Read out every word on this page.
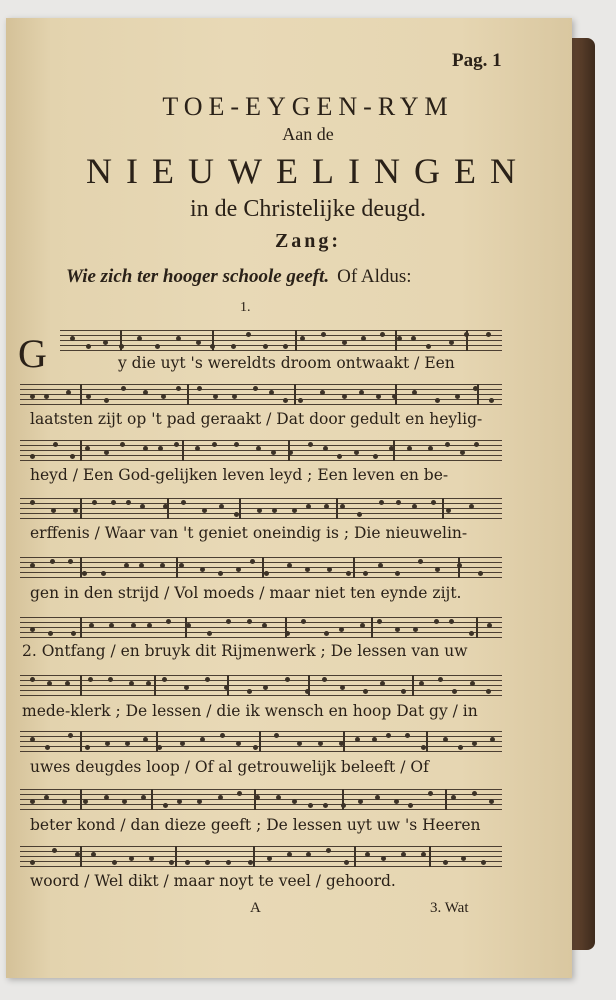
Pag. 1
TOE-EYGEN-RYM
Aan de
NIEUWELINGEN
in de Christelijke deugd.
Zang:
Wie zich ter hooger schoole geeft. Of Aldus:
1.
G	y die uyt 's wereldts droom ontwaakt / Een
laatsten zijt op 't pad geraakt / Dat door gedult en heylig-
heyd / Een God-gelijken leven leyd ; Een leven en be-
erffenis / Waar van 't geniet oneindig is ; Die nieuwelin-
gen in den strijd / Vol moeds / maar niet ten eynde zijt.
2. Ontfang / en bruyk dit Rijmenwerk ; De lessen van uw
mede-klerk ; De lessen / die ik wensch en hoop Dat gy / in
uwes deugdes loop / Of al getrouwelijk beleeft / Of
beter kond / dan dieze geeft ; De lessen uyt uw 's Heeren
woord / Wel dikt / maar noyt te veel / gehoord.
A	3. Wat
